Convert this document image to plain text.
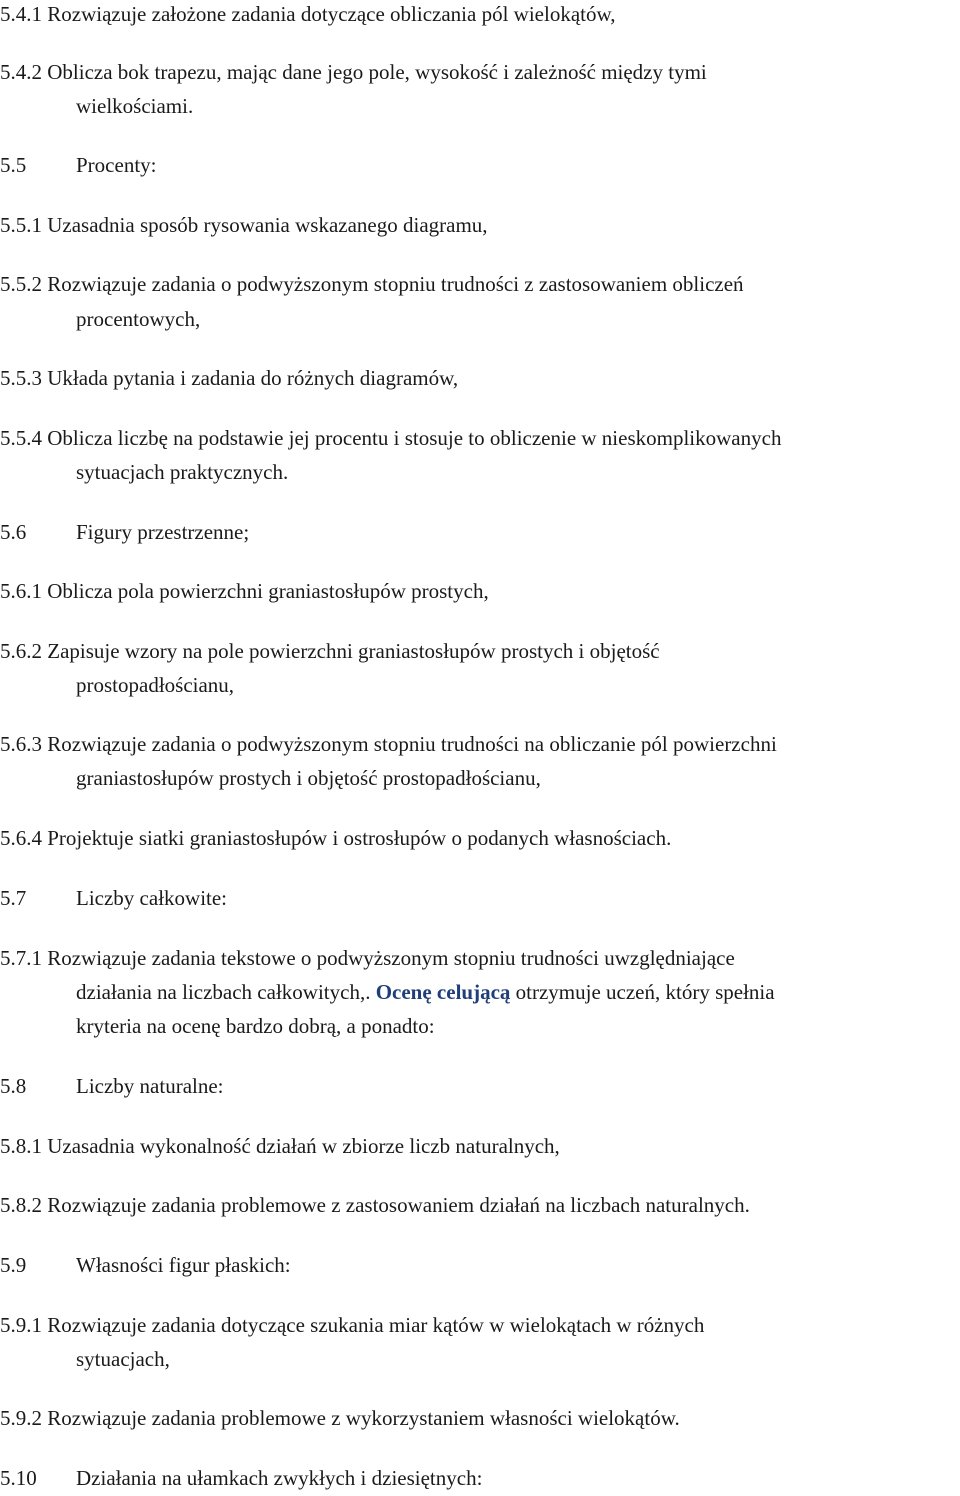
5.4.1 Rozwiązuje założone zadania dotyczące obliczania pól wielokątów,
5.4.2 Oblicza bok trapezu, mając dane jego pole, wysokość i zależność między tymi
wielkościami.
5.5 Procenty:
5.5.1 Uzasadnia sposób rysowania wskazanego diagramu,
5.5.2 Rozwiązuje zadania o podwyższonym stopniu trudności z zastosowaniem obliczeń
procentowych,
5.5.3 Układa pytania i zadania do różnych diagramów,
5.5.4 Oblicza liczbę na podstawie jej procentu i stosuje to obliczenie w nieskomplikowanych
sytuacjach praktycznych.
5.6 Figury przestrzenne;
5.6.1 Oblicza pola powierzchni graniastosłupów prostych,
5.6.2 Zapisuje wzory na pole powierzchni graniastosłupów prostych i objętość
prostopadłościanu,
5.6.3 Rozwiązuje zadania o podwyższonym stopniu trudności na obliczanie pól powierzchni
graniastosłupów prostych i objętość prostopadłościanu,
5.6.4 Projektuje siatki graniastosłupów i ostrosłupów o podanych własnościach.
5.7 Liczby całkowite:
5.7.1 Rozwiązuje zadania tekstowe o podwyższonym stopniu trudności uwzględniające
działania na liczbach całkowitych,. Ocenę celującą otrzymuje uczeń, który spełnia
kryteria na ocenę bardzo dobrą, a ponadto:
5.8 Liczby naturalne:
5.8.1 Uzasadnia wykonalność działań w zbiorze liczb naturalnych,
5.8.2 Rozwiązuje zadania problemowe z zastosowaniem działań na liczbach naturalnych.
5.9 Własności figur płaskich:
5.9.1 Rozwiązuje zadania dotyczące szukania miar kątów w wielokątach w różnych
sytuacjach,
5.9.2 Rozwiązuje zadania problemowe z wykorzystaniem własności wielokątów.
5.10 Działania na ułamkach zwykłych i dziesiętnych:
